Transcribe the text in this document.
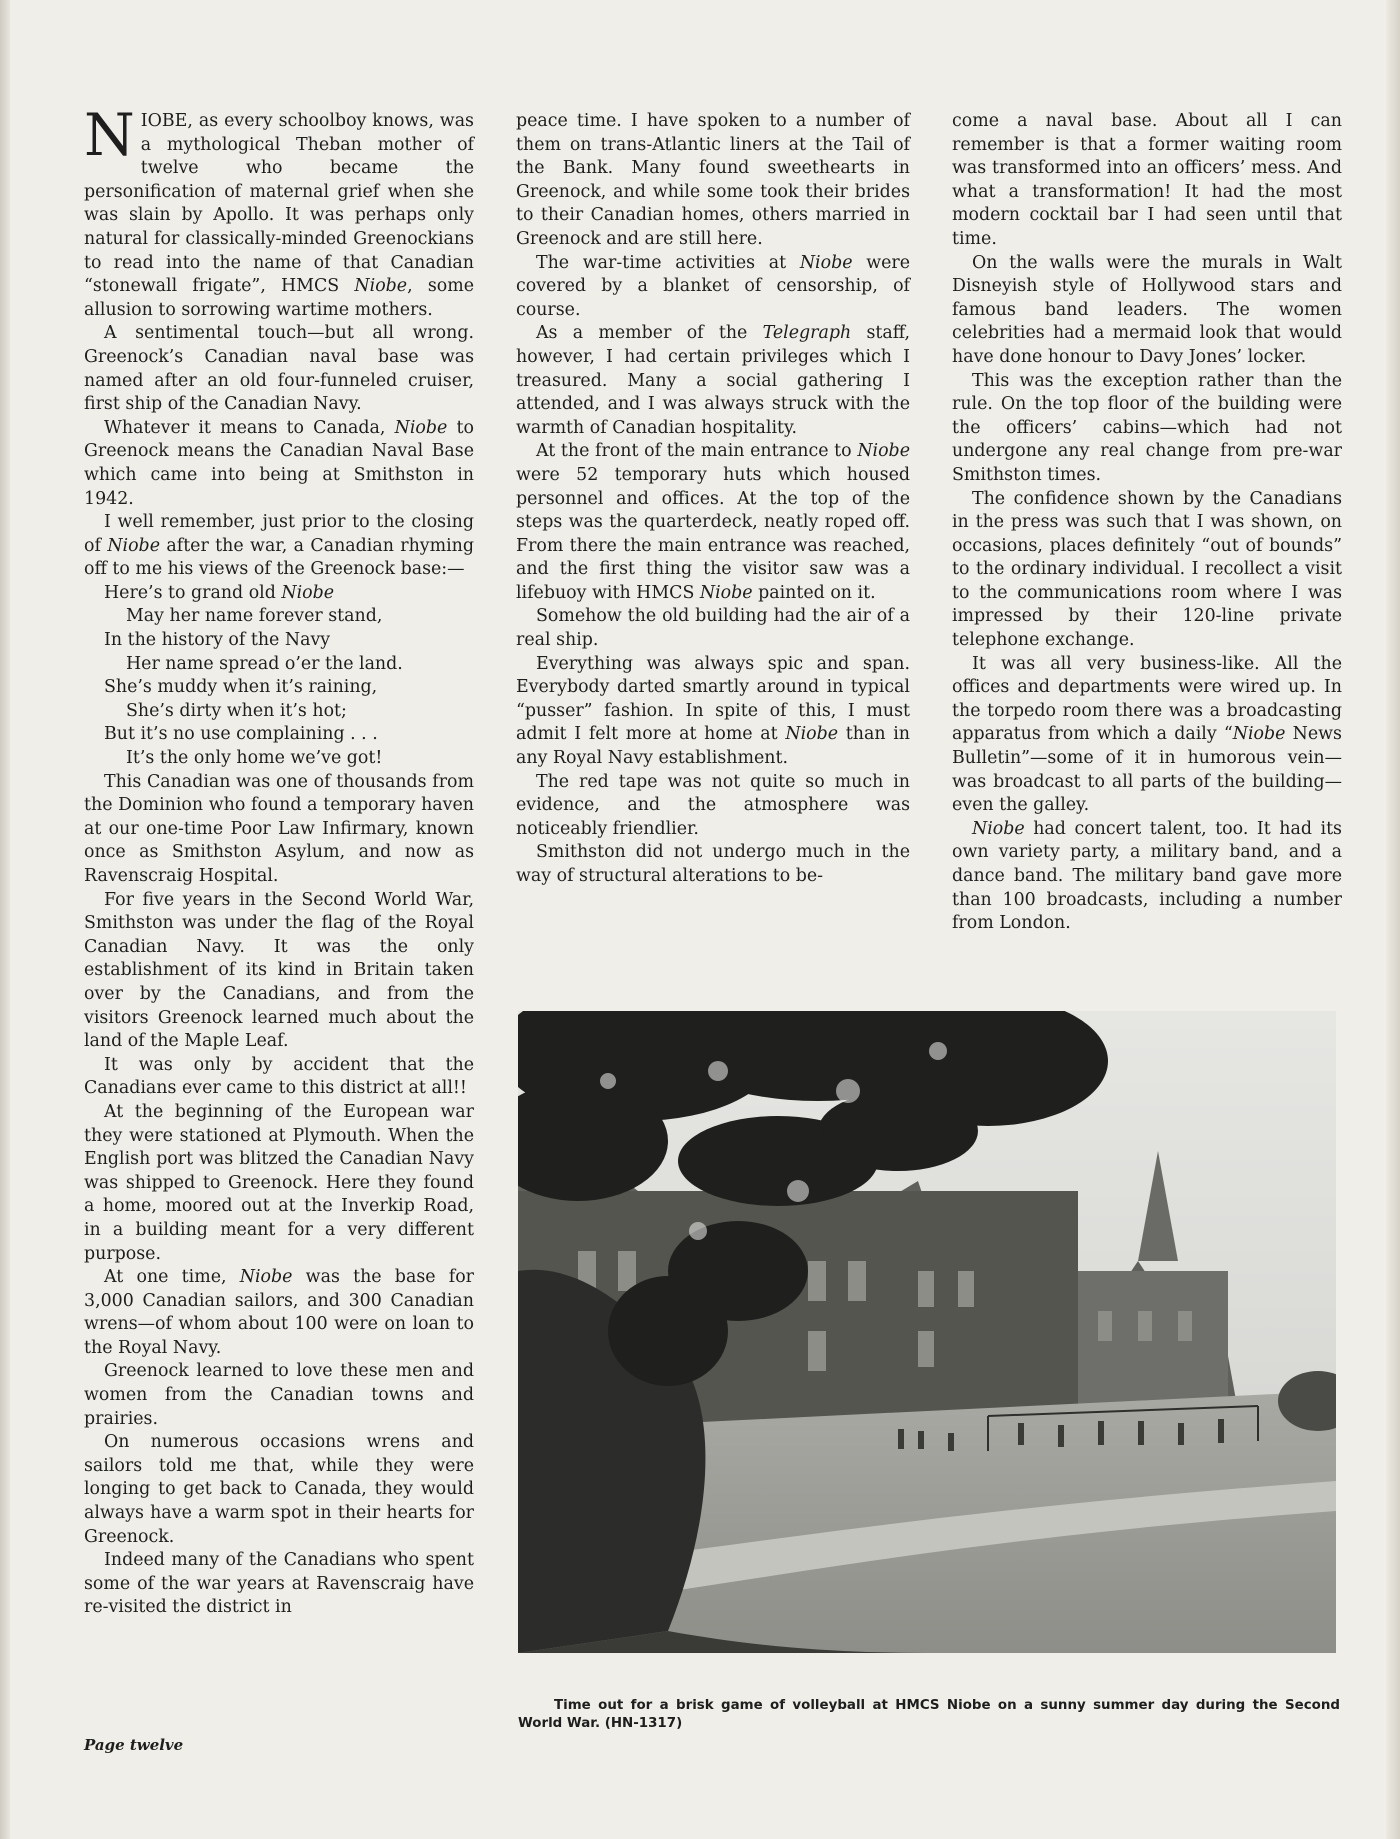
NIOBE, as every schoolboy knows, was a mythological Theban mother of twelve who became the personification of maternal grief when she was slain by Apollo. It was perhaps only natural for classically-minded Greenockians to read into the name of that Canadian “stonewall frigate”, HMCS Niobe, some allusion to sorrowing wartime mothers.

A sentimental touch—but all wrong. Greenock’s Canadian naval base was named after an old four-funneled cruiser, first ship of the Canadian Navy.

Whatever it means to Canada, Niobe to Greenock means the Canadian Naval Base which came into being at Smithston in 1942.

I well remember, just prior to the closing of Niobe after the war, a Canadian rhyming off to me his views of the Greenock base:—

Here’s to grand old Niobe

May her name forever stand,

In the history of the Navy

Her name spread o’er the land.

She’s muddy when it’s raining,

She’s dirty when it’s hot;

But it’s no use complaining . . .

It’s the only home we’ve got!

This Canadian was one of thousands from the Dominion who found a temporary haven at our one-time Poor Law Infirmary, known once as Smithston Asylum, and now as Ravenscraig Hospital.

For five years in the Second World War, Smithston was under the flag of the Royal Canadian Navy. It was the only establishment of its kind in Britain taken over by the Canadians, and from the visitors Greenock learned much about the land of the Maple Leaf.

It was only by accident that the Canadians ever came to this district at all!!

At the beginning of the European war they were stationed at Plymouth. When the English port was blitzed the Canadian Navy was shipped to Greenock. Here they found a home, moored out at the Inverkip Road, in a building meant for a very different purpose.

At one time, Niobe was the base for 3,000 Canadian sailors, and 300 Canadian wrens—of whom about 100 were on loan to the Royal Navy.

Greenock learned to love these men and women from the Canadian towns and prairies.

On numerous occasions wrens and sailors told me that, while they were longing to get back to Canada, they would always have a warm spot in their hearts for Greenock.

Indeed many of the Canadians who spent some of the war years at Ravenscraig have re-visited the district in

peace time. I have spoken to a number of them on trans-Atlantic liners at the Tail of the Bank. Many found sweethearts in Greenock, and while some took their brides to their Canadian homes, others married in Greenock and are still here.

The war-time activities at Niobe were covered by a blanket of censorship, of course.

As a member of the Telegraph staff, however, I had certain privileges which I treasured. Many a social gathering I attended, and I was always struck with the warmth of Canadian hospitality.

At the front of the main entrance to Niobe were 52 temporary huts which housed personnel and offices. At the top of the steps was the quarterdeck, neatly roped off. From there the main entrance was reached, and the first thing the visitor saw was a lifebuoy with HMCS Niobe painted on it.

Somehow the old building had the air of a real ship.

Everything was always spic and span. Everybody darted smartly around in typical “pusser” fashion. In spite of this, I must admit I felt more at home at Niobe than in any Royal Navy establishment.

The red tape was not quite so much in evidence, and the atmosphere was noticeably friendlier.

Smithston did not undergo much in the way of structural alterations to be-

come a naval base. About all I can remember is that a former waiting room was transformed into an officers’ mess. And what a transformation! It had the most modern cocktail bar I had seen until that time.

On the walls were the murals in Walt Disneyish style of Hollywood stars and famous band leaders. The women celebrities had a mermaid look that would have done honour to Davy Jones’ locker.

This was the exception rather than the rule. On the top floor of the building were the officers’ cabins—which had not undergone any real change from pre-war Smithston times.

The confidence shown by the Canadians in the press was such that I was shown, on occasions, places definitely “out of bounds” to the ordinary individual. I recollect a visit to the communications room where I was impressed by their 120-line private telephone exchange.

It was all very business-like. All the offices and departments were wired up. In the torpedo room there was a broadcasting apparatus from which a daily “Niobe News Bulletin”—some of it in humorous vein—was broadcast to all parts of the building—even the galley.

Niobe had concert talent, too. It had its own variety party, a military band, and a dance band. The military band gave more than 100 broadcasts, including a number from London.

Time out for a brisk game of volleyball at HMCS Niobe on a sunny summer day during the Second World War. (HN-1317)

Page twelve
